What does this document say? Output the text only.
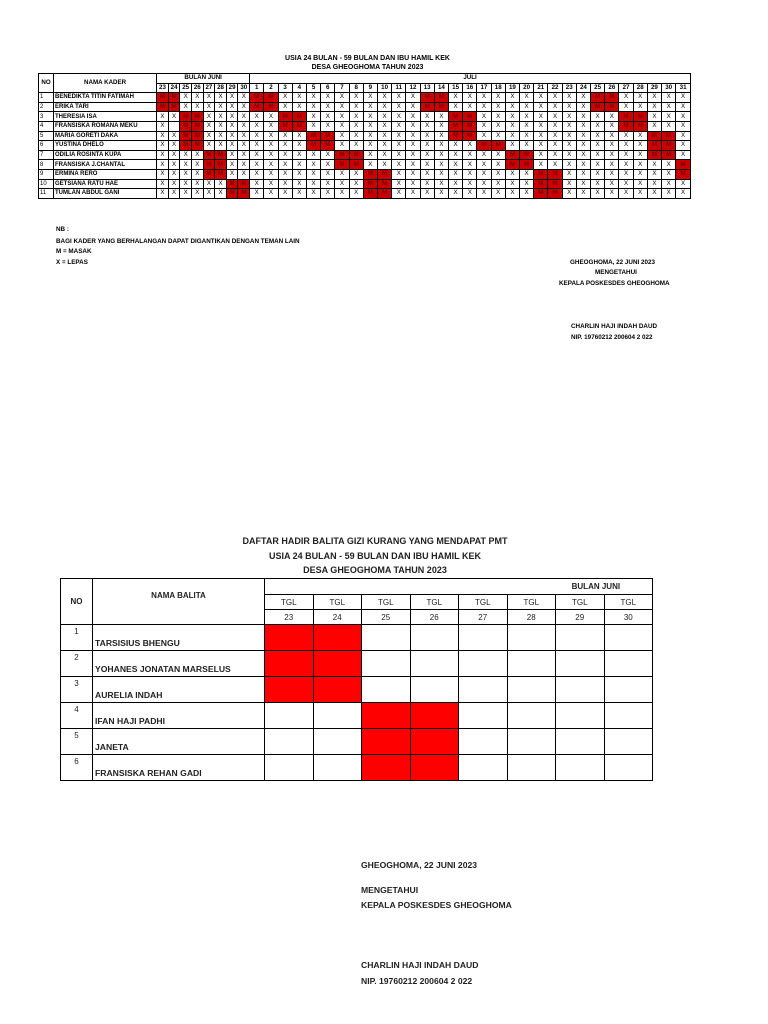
USIA 24 BULAN - 59 BULAN DAN IBU HAMIL KEK
DESA GHEOGHOMA TAHUN 2023
NO	NAMA KADER	BULAN JUNI								JULI																														
		23	24	25	26	27	28	29	30	1	2	3	4	5	6	7	8	9	10	11	12	13	14	15	16	17	18	19	20	21	22	23	24	25	26	27	28	29	30	31
1	BENEDIKTA TITIN FATIMAH	M	M	X	X	X	X	X	X	M	M	X	X	X	X	X	X	X	X	X	X	M	M	X	X	X	X	X	X	X	X	X	X	M	M	X	X	X	X	X
2	ERIKA TARI	M	M	X	X	X	X	X	X	M	M	X	X	X	X	X	X	X	X	X	X	M	M	X	X	X	X	X	X	X	X	X	X	M	M	X	X	X	X	X
3	THERESIA ISA	X	X	M	M	X	X	X	X	X	X	M	M	X	X	X	X	X	X	X	X	X	X	M	M	X	X	X	X	X	X	X	X	X	X	M	M	X	X	X
4	FRANSISKA ROMANA MEKU	X		M	M	X	X	X	X	X	X	M	M	X	X	X	X	X	X	X	X	X	X	M	M	X	X	X	X	X	X	X	X	X	X	M	M	X	X	X
5	MARIA GORETI DAKA	X	X	M	M	X	X	X	X	X	X	X	X	M	M	X	X	X	X	X	X	X	X	M	M	X	X	X	X	X	X	X	X	X	X	X	X	M	M	X
6	YUSTINA DHELO	X	X	M	M	X	X	X	X	X	X	X	X	M	M	X	X	X	X	X	X	X	X	X	X	M	M	X	X	X	X	X	X	X	X	X	X	M	M	X
7	ODILIA ROSINTA KUPA	X	X	X	X	M	M	X	X	X	X	X	X	X	X	M	M	X	X	X	X	X	X	X	X	X	X	M	M	X	X	X	X	X	X	X	X	M	M	X
8	FRANSISKA J.CHANTAL	X	X	X	X	M	M	X	X	X	X	X	X	X	X	M	M	X	X	X	X	X	X	X	X	X	X	M	M	X	X	X	X	X	X	X	X	X	X	M
9	ERMINA RERO	X	X	X	X	M	M	X	X	X	X	X	X	X	X	X	X	M	M	X	X	X	X	X	X	X	X	X	X	M	M	X	X	X	X	X	X	X	X	M
10	GETSIANA RATU HAE	X	X	X	X	X	X	M	M	X	X	X	X	X	X	X	X	M	M	X	X	X	X	X	X	X	X	X	X	M	M	X	X	X	X	X	X	X	X	X
11	TUMLAN ABDUL GANI	X	X	X	X	X	X	M	M	X	X	X	X	X	X	X	X	M	M	X	X	X	X	X	X	X	X	X	X	M	M	X	X	X	X	X	X	X	X	X
NB :
BAGI KADER YANG BERHALANGAN DAPAT DIGANTIKAN DENGAN TEMAN LAIN
M = MASAK
X = LEPAS	GHEOGHOMA, 22 JUNI 2023
MENGETAHUI
KEPALA POSKESDES GHEOGHOMA
CHARLIN HAJI INDAH DAUD
NIP. 19760212 200604 2 022
DAFTAR HADIR BALITA GIZI KURANG YANG MENDAPAT PMT
USIA 24 BULAN - 59 BULAN DAN IBU HAMIL KEK
DESA GHEOGHOMA TAHUN 2023
NO	NAMA BALITA	BULAN JUNI							
		TGL	TGL	TGL	TGL	TGL	TGL	TGL	TGL
		23	24	25	26	27	28	29	30
1	TARSISIUS BHENGU								
2	YOHANES JONATAN MARSELUS								
3	AURELIA INDAH								
4	IFAN HAJI PADHI								
5	JANETA								
6	FRANSISKA REHAN GADI								
GHEOGHOMA, 22 JUNI 2023
MENGETAHUI
KEPALA POSKESDES GHEOGHOMA
CHARLIN HAJI INDAH DAUD
NIP. 19760212 200604 2 022
